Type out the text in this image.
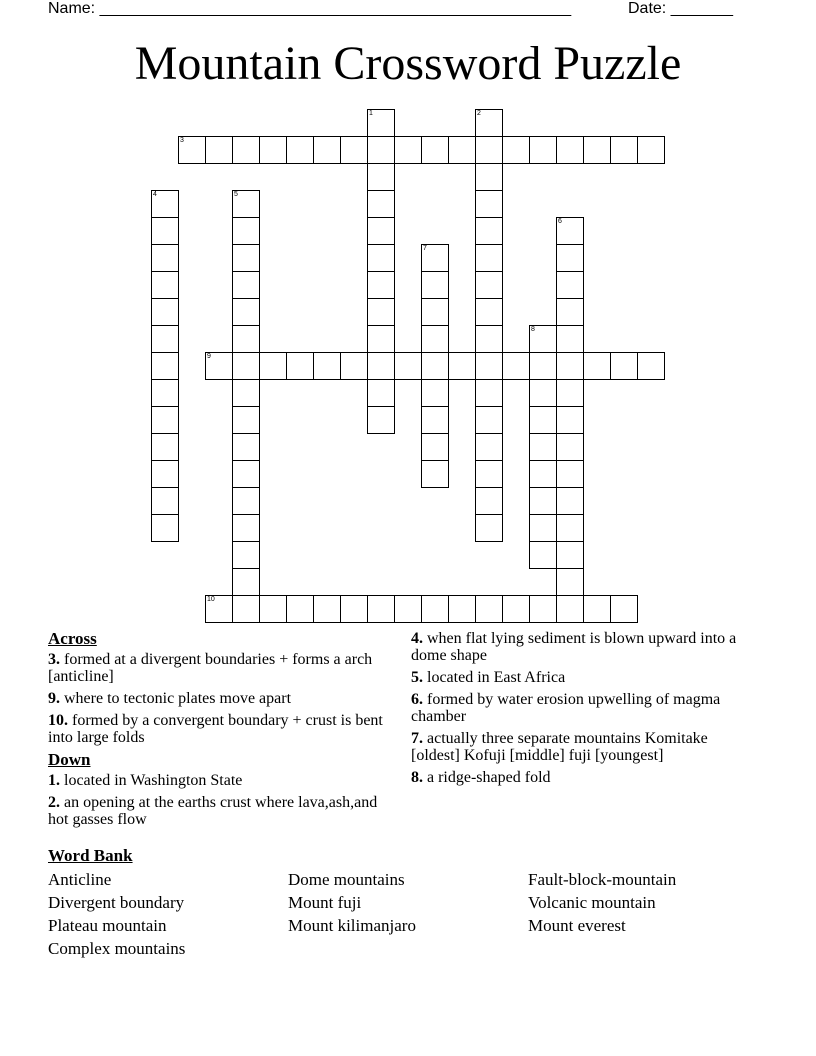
Name: _____________________________________________________	Date: _______
Mountain Crossword Puzzle
1	2
3
4	5
6
7
8
9
10
Across
3. formed at a divergent boundaries + forms a arch [anticline]
9. where to tectonic plates move apart
10. formed by a convergent boundary + crust is bent into large folds
Down
1. located in Washington State
2. an opening at the earths crust where lava,ash,and hot gasses flow
4. when flat lying sediment is blown upward into a dome shape
5. located in East Africa
6. formed by water erosion upwelling of magma chamber
7. actually three separate mountains Komitake [oldest] Kofuji [middle] fuji [youngest]
8. a ridge-shaped fold
Word Bank
Anticline	Dome mountains	Fault-block-mountain
Divergent boundary	Mount fuji	Volcanic mountain
Plateau mountain	Mount kilimanjaro	Mount everest
Complex mountains
